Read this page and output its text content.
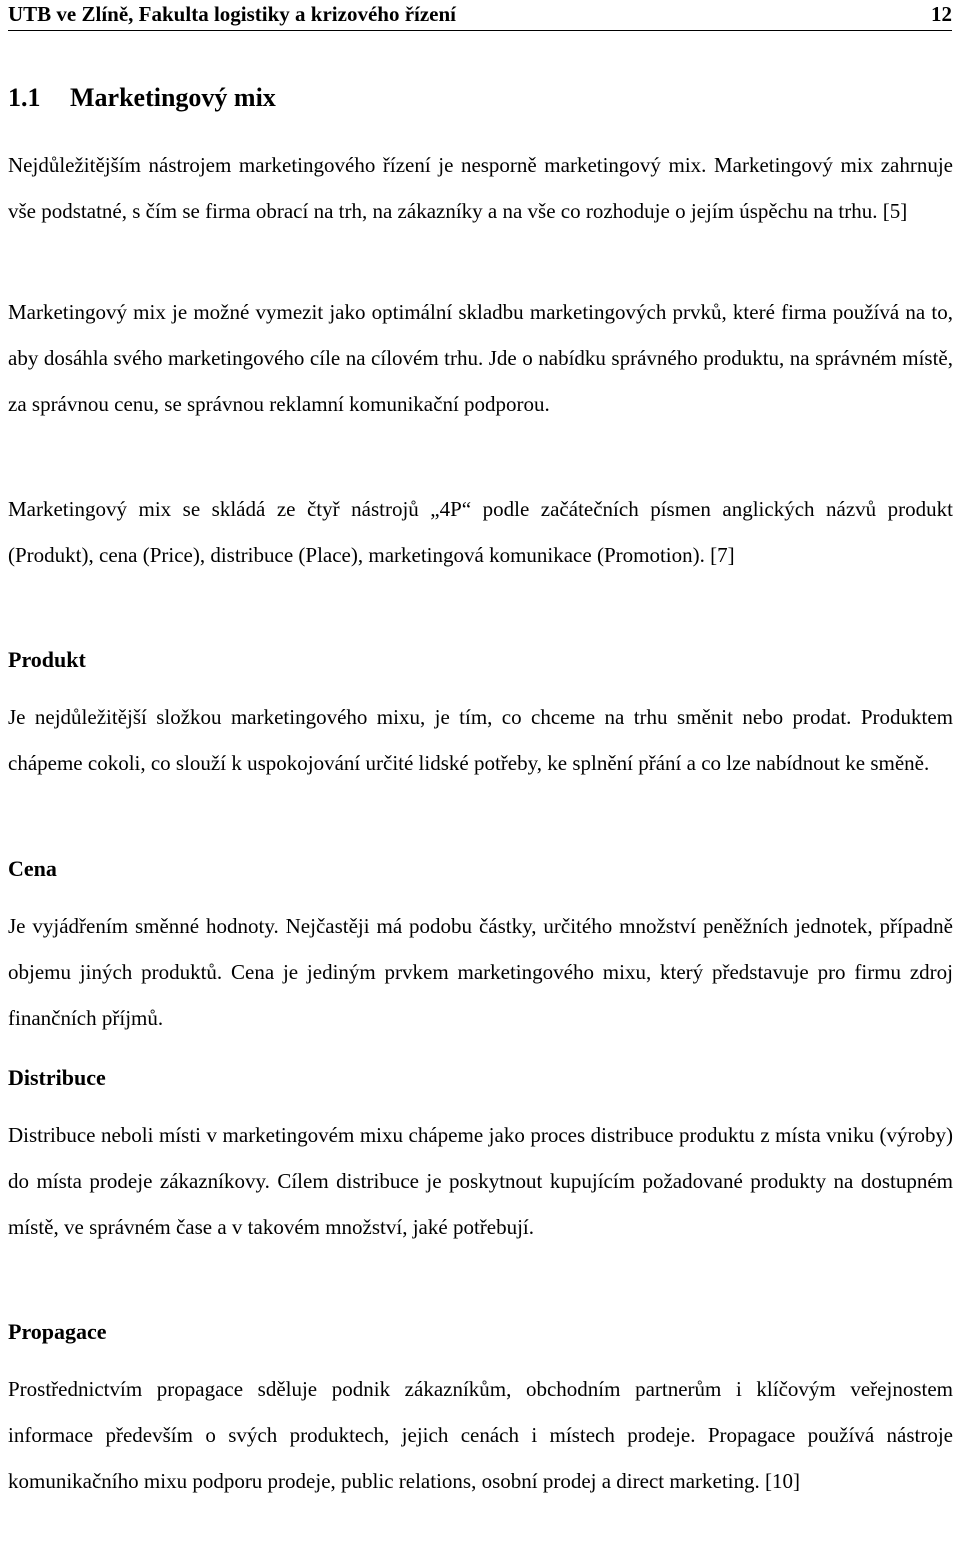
UTB ve Zlíně, Fakulta logistiky a krizového řízení	12
1.1 Marketingový mix

Nejdůležitějším nástrojem marketingového řízení je nesporně marketingový mix. Marketingový mix zahrnuje vše podstatné, s čím se firma obrací na trh, na zákazníky a na vše co rozhoduje o jejím úspěchu na trhu. [5]

Marketingový mix je možné vymezit jako optimální skladbu marketingových prvků, které firma používá na to, aby dosáhla svého marketingového cíle na cílovém trhu. Jde o nabídku správného produktu, na správném místě, za správnou cenu, se správnou reklamní komunikační podporou.

Marketingový mix se skládá ze čtyř nástrojů „4P“ podle začátečních písmen anglických názvů produkt (Produkt), cena (Price), distribuce (Place), marketingová komunikace (Promotion). [7]

Produkt

Je nejdůležitější složkou marketingového mixu, je tím, co chceme na trhu směnit nebo prodat. Produktem chápeme cokoli, co slouží k uspokojování určité lidské potřeby, ke splnění přání a co lze nabídnout ke směně.

Cena

Je vyjádřením směnné hodnoty. Nejčastěji má podobu částky, určitého množství peněžních jednotek, případně objemu jiných produktů. Cena je jediným prvkem marketingového mixu, který představuje pro firmu zdroj finančních příjmů.

Distribuce

Distribuce neboli místi v marketingovém mixu chápeme jako proces distribuce produktu z místa vniku (výroby) do místa prodeje zákazníkovy. Cílem distribuce je poskytnout kupujícím požadované produkty na dostupném místě, ve správném čase a v takovém množství, jaké potřebují.

Propagace

Prostřednictvím propagace sděluje podnik zákazníkům, obchodním partnerům i klíčovým veřejnostem informace především o svých produktech, jejich cenách i místech prodeje. Propagace používá nástroje komunikačního mixu podporu prodeje, public relations, osobní prodej a direct marketing. [10]
